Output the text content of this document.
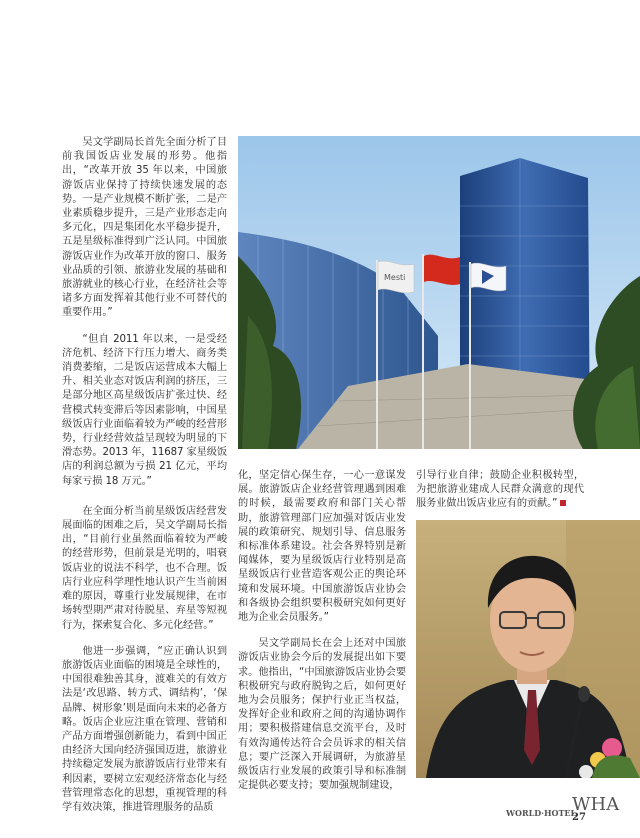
Mesti

吴文学副局长首先全面分析了目前我国饭店业发展的形势。他指出，“改革开放 35 年以来，中国旅游饭店业保持了持续快速发展的态势。一是产业规模不断扩张，二是产业素质稳步提升，三是产业形态走向多元化，四是集团化水平稳步提升，五是星级标准得到广泛认同。中国旅游饭店业作为改革开放的窗口、服务业品质的引领、旅游业发展的基础和旅游就业的核心行业，在经济社会等诸多方面发挥着其他行业不可替代的重要作用。”

“但自 2011 年以来，一是受经济危机、经济下行压力增大、商务类消费萎缩，二是饭店运营成本大幅上升、相关业态对饭店利润的挤压，三是部分地区高星级饭店扩张过快、经营模式转变滞后等因素影响，中国星级饭店行业面临着较为严峻的经营形势，行业经营效益呈现较为明显的下滑态势。2013 年，11687 家星级饭店的利润总额为亏损 21 亿元，平均每家亏损 18 万元。”

在全面分析当前星级饭店经营发展面临的困难之后，吴文学副局长指出，“目前行业虽然面临着较为严峻的经营形势，但前景是光明的，唱衰饭店业的说法不科学，也不合理。饭店行业应科学理性地认识产生当前困难的原因，尊重行业发展规律，在市场转型期严肃对待脱星、弃星等短视行为，探索复合化、多元化经营。”

他进一步强调，“应正确认识到旅游饭店业面临的困境是全球性的，中国很难独善其身，渡难关的有效方法是‘改思路、转方式、调结构’，‘保品牌、树形象’则是面向未来的必备方略。饭店企业应注重在管理、营销和产品方面增强创新能力，看到中国正由经济大国向经济强国迈进，旅游业持续稳定发展为旅游饭店行业带来有利因素，要树立宏观经济常态化与经营管理常态化的思想，重视管理的科学有效决策，推进管理服务的品质

化，坚定信心保生存，一心一意谋发展。旅游饭店企业经营管理遇到困难的时候，最需要政府和部门关心帮助，旅游管理部门应加强对饭店业发展的政策研究、规划引导、信息服务和标准体系建设。社会各界特别是新闻媒体，要为星级饭店行业特别是高星级饭店行业营造客观公正的舆论环境和发展环境。中国旅游饭店业协会和各级协会组织要积极研究如何更好地为企业会员服务。”

吴文学副局长在会上还对中国旅游饭店业协会今后的发展提出如下要求。他指出，“中国旅游饭店业协会要积极研究与政府脱钩之后，如何更好地为会员服务；保护行业正当权益，发挥好企业和政府之间的沟通协调作用；要积极搭建信息交流平台，及时有效沟通传达符合会员诉求的相关信息；要广泛深入开展调研，为旅游星级饭店行业发展的政策引导和标准制定提供必要支持；要加强规制建设，

引导行业自律；鼓励企业积极转型，为把旅游业建成人民群众满意的现代服务业做出饭店业应有的贡献。”

WORLD·HOTEL
WHA
27
